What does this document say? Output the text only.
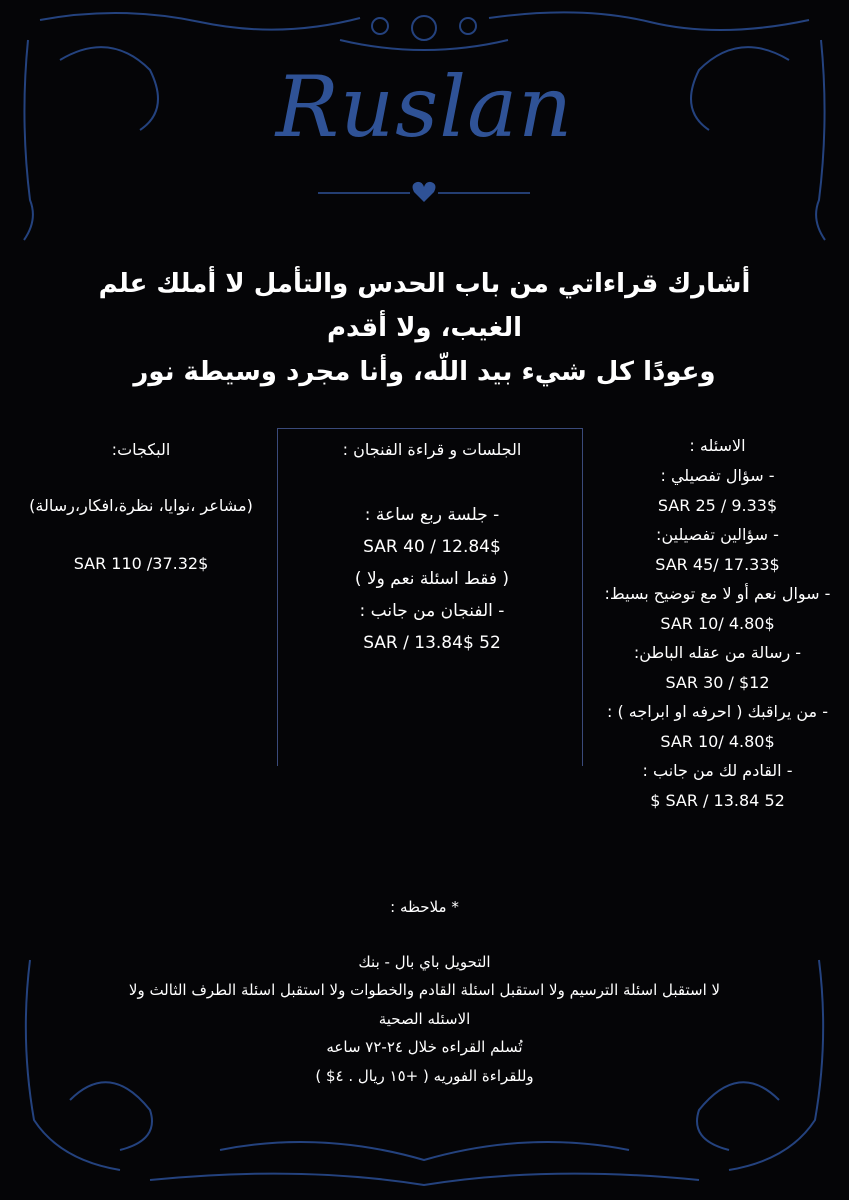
Ruslan
أشارك قراءاتي من باب الحدس والتأمل لا أملك علم الغيب، ولا أقدم
وعودًا كل شيء بيد اللّه، وأنا مجرد وسيطة نور
الاسئله :
- سؤال تفصيلي :
9.33$ / 25 SAR
- سؤالين تفصيلين:
17.33$ /45 SAR
- سوال نعم أو لا مع توضيح بسيط:
4.80$ /10 SAR
- رسالة من عقله الباطن:
$12 / 30 SAR
- من يراقبك ( احرفه او ابراجه ) :
4.80$ /10 SAR
- القادم لك من جانب :
52 SAR / 13.84 $
الجلسات و قراءة الفنجان :
- جلسة ربع ساعة :
12.84$ / 40 SAR
( فقط اسئلة نعم ولا )
- الفنجان من جانب :
52 SAR / 13.84$
البكجات:
(مشاعر ،نوايا، نظرة،افكار،رسالة)
SAR 110 /37.32$
* ملاحظه :
التحويل باي بال - بنك
لا استقبل اسئلة الترسيم ولا استقبل اسئلة القادم والخطوات ولا استقبل اسئلة الطرف الثالث ولا
الاسئله الصحية
تُسلم القراءه خلال ٢٤-٧٢ ساعه
وللقراءة الفوريه ( +١٥ ريال . ٤$ )
